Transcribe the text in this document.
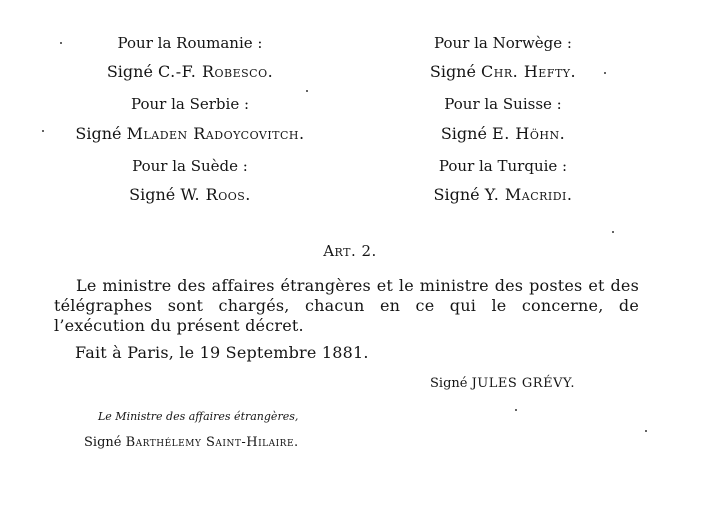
Pour la Roumanie :
Signé C.-F. Robesco.
Pour la Serbie :
Signé Mladen Radoycovitch.
Pour la Suède :
Signé W. Roos.
Pour la Norwège :
Signé Chr. Hefty.
Pour la Suisse :
Signé E. Höhn.
Pour la Turquie :
Signé Y. Macridi.
Art. 2.

Le ministre des affaires étrangères et le ministre des postes et des télégraphes sont chargés, chacun en ce qui le concerne, de l’exécution du présent décret.

Fait à Paris, le 19 Septembre 1881.
Signé JULES GRÉVY.
Le Ministre des affaires étrangères,
Signé Barthélemy Saint-Hilaire.
